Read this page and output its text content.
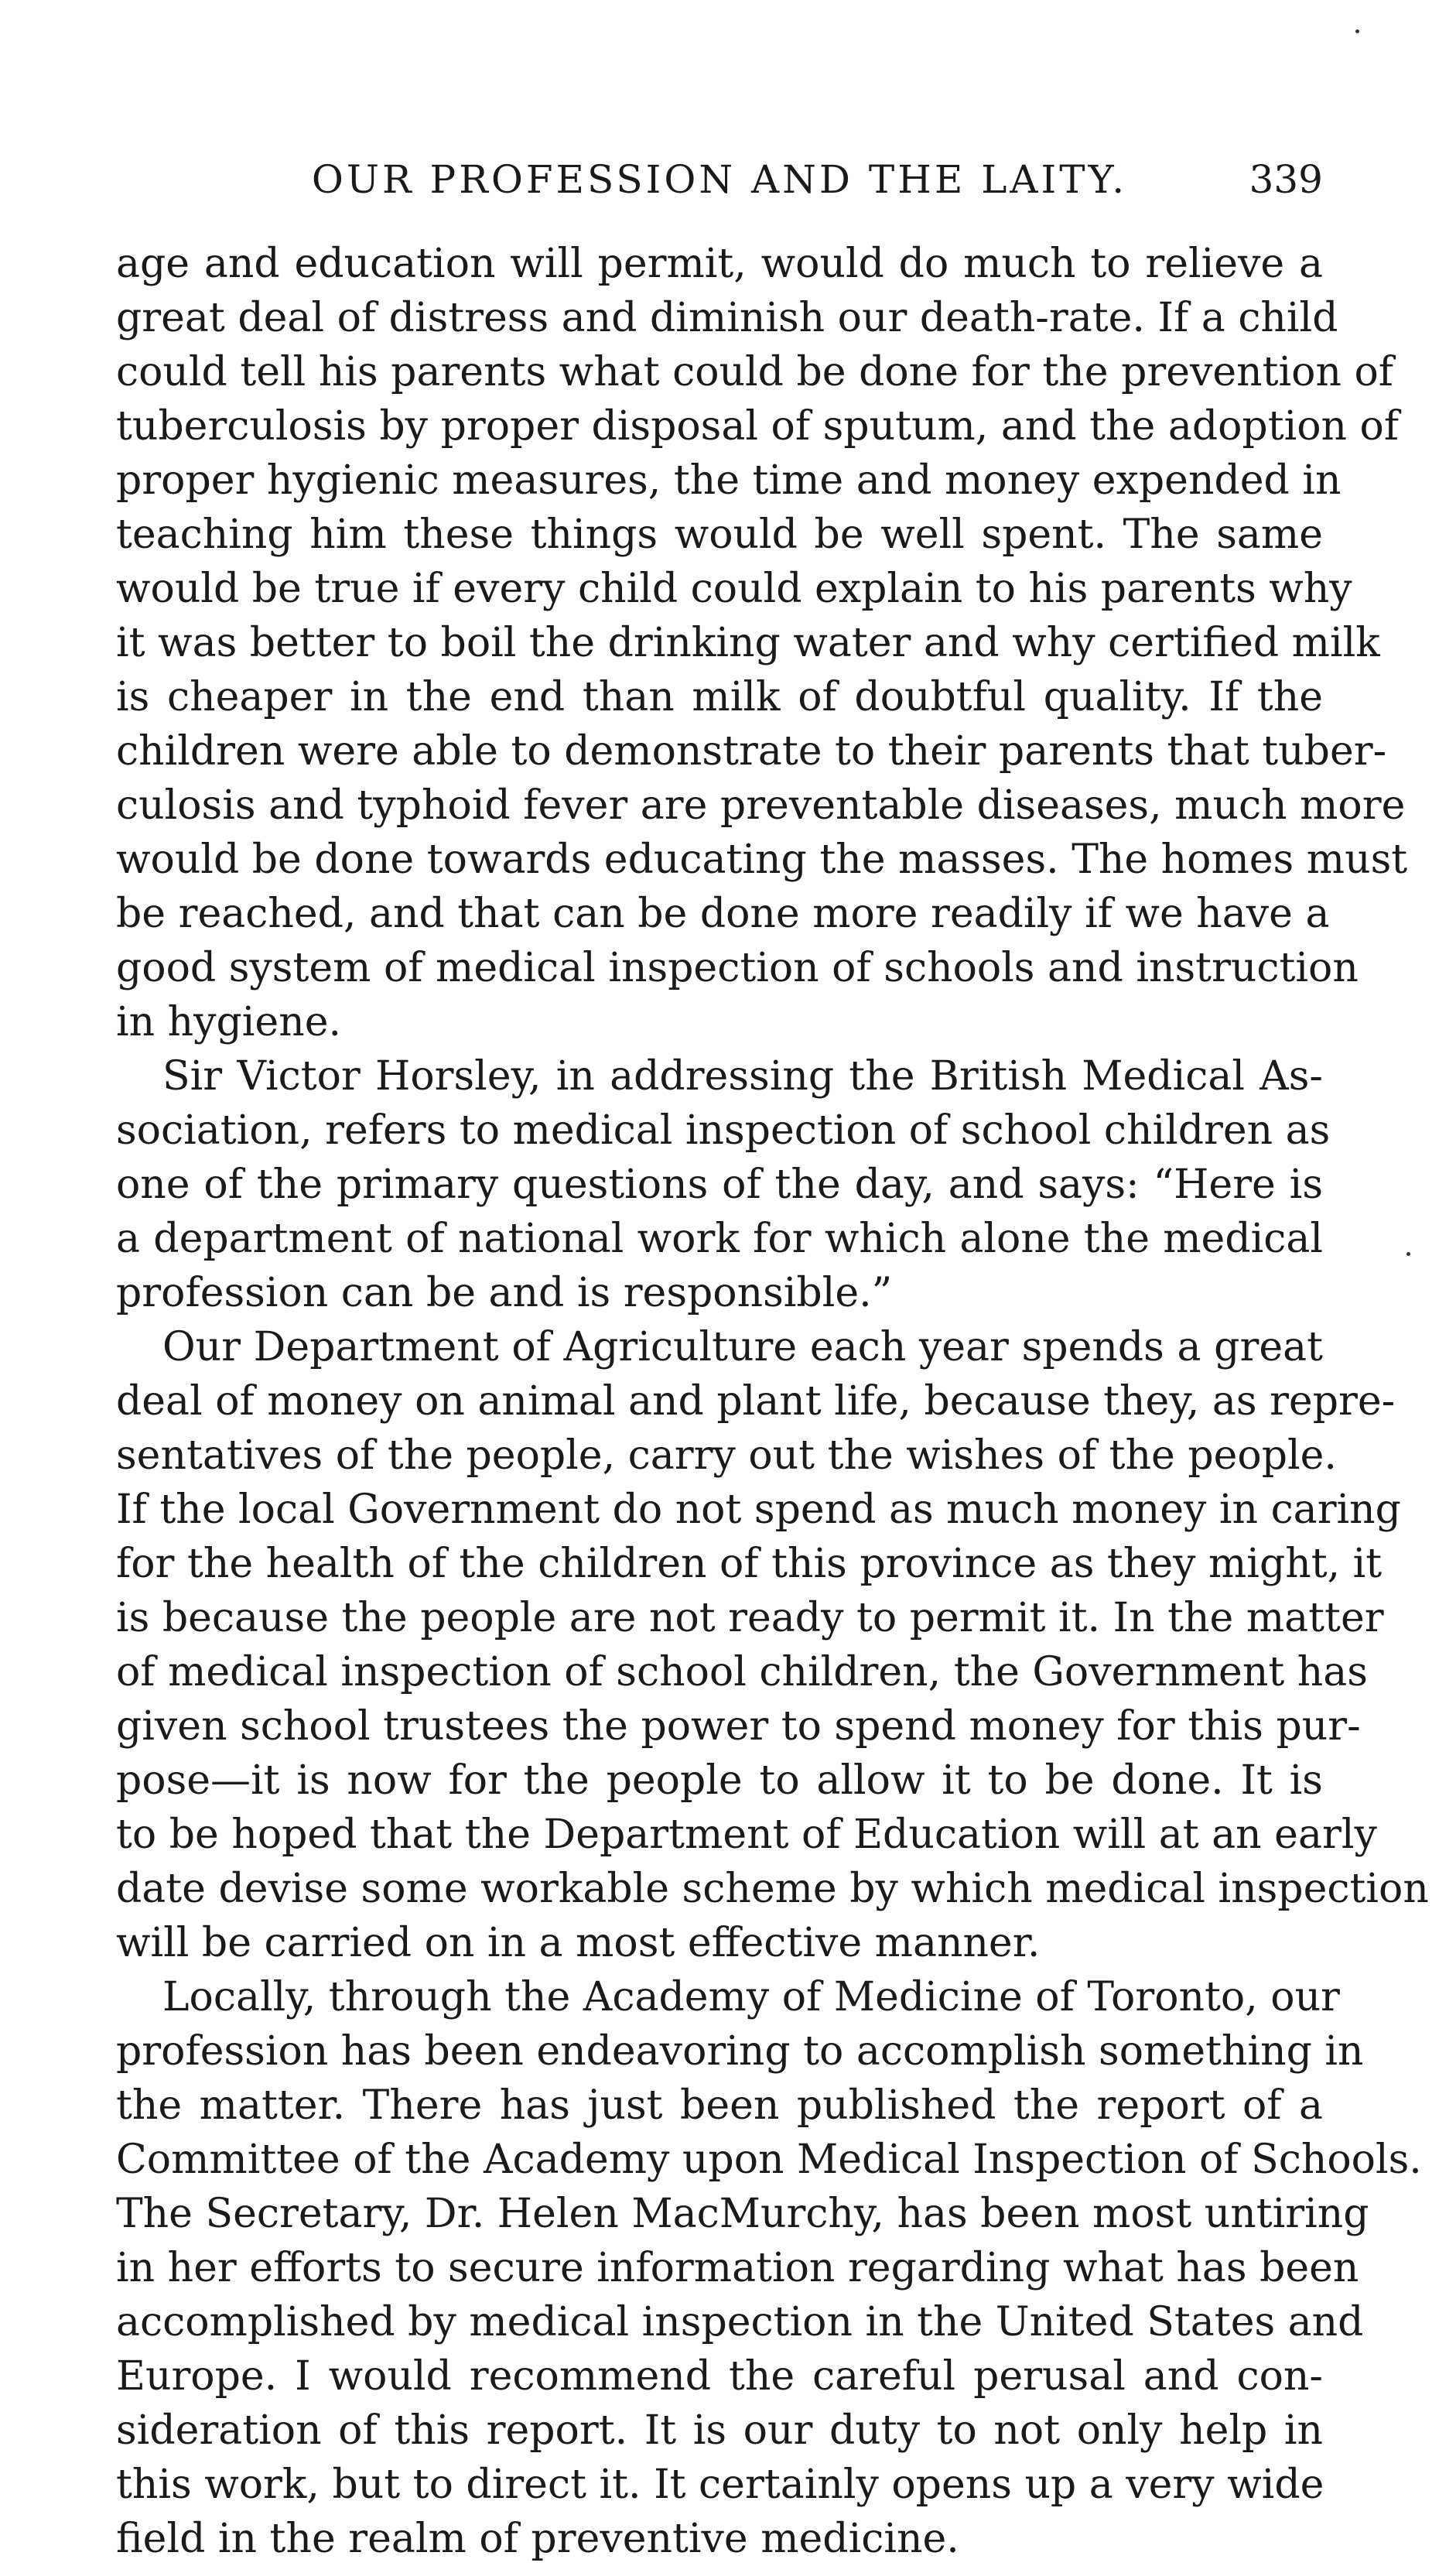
OUR PROFESSION AND THE LAITY.	339
age and education will permit, would do much to relieve a
great deal of distress and diminish our death-rate. If a child
could tell his parents what could be done for the prevention of
tuberculosis by proper disposal of sputum, and the adoption of
proper hygienic measures, the time and money expended in
teaching him these things would be well spent. The same
would be true if every child could explain to his parents why
it was better to boil the drinking water and why certified milk
is cheaper in the end than milk of doubtful quality. If the
children were able to demonstrate to their parents that tuber-
culosis and typhoid fever are preventable diseases, much more
would be done towards educating the masses. The homes must
be reached, and that can be done more readily if we have a
good system of medical inspection of schools and instruction
in hygiene.
Sir Victor Horsley, in addressing the British Medical As-
sociation, refers to medical inspection of school children as
one of the primary questions of the day, and says: “Here is
a department of national work for which alone the medical
profession can be and is responsible.”
Our Department of Agriculture each year spends a great
deal of money on animal and plant life, because they, as repre-
sentatives of the people, carry out the wishes of the people.
If the local Government do not spend as much money in caring
for the health of the children of this province as they might, it
is because the people are not ready to permit it. In the matter
of medical inspection of school children, the Government has
given school trustees the power to spend money for this pur-
pose—it is now for the people to allow it to be done. It is
to be hoped that the Department of Education will at an early
date devise some workable scheme by which medical inspection
will be carried on in a most effective manner.
Locally, through the Academy of Medicine of Toronto, our
profession has been endeavoring to accomplish something in
the matter. There has just been published the report of a
Committee of the Academy upon Medical Inspection of Schools.
The Secretary, Dr. Helen MacMurchy, has been most untiring
in her efforts to secure information regarding what has been
accomplished by medical inspection in the United States and
Europe. I would recommend the careful perusal and con-
sideration of this report. It is our duty to not only help in
this work, but to direct it. It certainly opens up a very wide
field in the realm of preventive medicine.
